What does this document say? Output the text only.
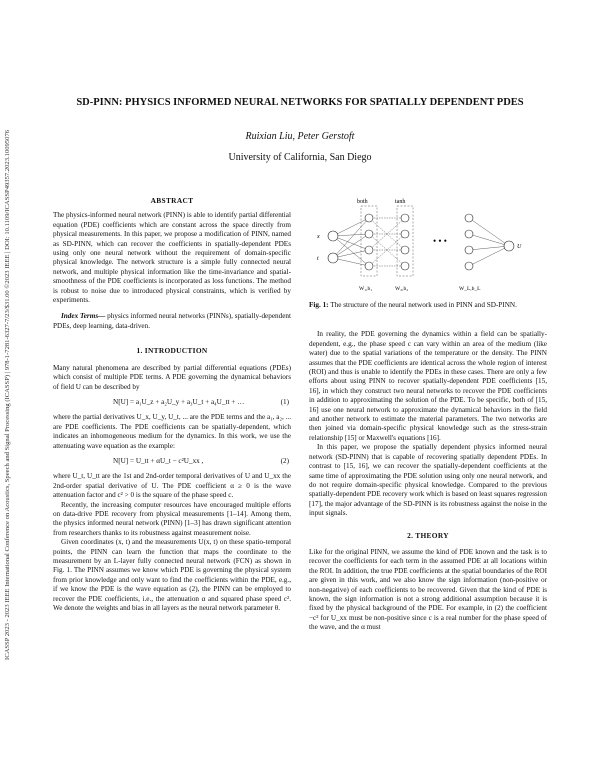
ICASSP 2023 - 2023 IEEE International Conference on Acoustics, Speech and Signal Processing (ICASSP) | 978-1-7281-6327-7/23/$31.00 ©2023 IEEE | DOI: 10.1109/ICASSP49357.2023.10095076
SD-PINN: PHYSICS INFORMED NEURAL NETWORKS FOR SPATIALLY DEPENDENT PDES
Ruixian Liu, Peter Gerstoft
University of California, San Diego
ABSTRACT

The physics-informed neural network (PINN) is able to identify partial differential equation (PDE) coefficients which are constant across the space directly from physical measurements. In this paper, we propose a modification of PINN, named as SD-PINN, which can recover the coefficients in spatially-dependent PDEs using only one neural network without the requirement of domain-specific physical knowledge. The network structure is a simple fully connected neural network, and multiple physical information like the time-invariance and spatial-smoothness of the PDE coefficients is incorporated as loss functions. The method is robust to noise due to introduced physical constraints, which is verified by experiments.

Index Terms— physics informed neural networks (PINNs), spatially-dependent PDEs, deep learning, data-driven.

1. INTRODUCTION

Many natural phenomena are described by partial differential equations (PDEs) which consist of multiple PDE terms. A PDE governing the dynamical behaviors of field U can be described by

N[U] = a₁U_z + a₂U_y + a₃U_t + a₄U_tt + …	(1)

where the partial derivatives U_x, U_y, U_t, ... are the PDE terms and the a₁, a₂, ... are PDE coefficients. The PDE coefficients can be spatially-dependent, which indicates an inhomogeneous medium for the dynamics. In this work, we use the attenuating wave equation as the example:

N[U] = U_tt + αU_t − c²U_xx ,	(2)

where U_t, U_tt are the 1st and 2nd-order temporal derivatives of U and U_xx the 2nd-order spatial derivative of U. The PDE coefficient α ≥ 0 is the wave attenuation factor and c² > 0 is the square of the phase speed c.

Recently, the increasing computer resources have encouraged multiple efforts on data-drive PDE recovery from physical measurements [1–14]. Among them, the physics informed neural network (PINN) [1–3] has drawn significant attention from researchers thanks to its robustness against measurement noise.

Given coordinates (x, t) and the measurements U(x, t) on these spatio-temporal points, the PINN can learn the function that maps the coordinate to the measurement by an L-layer fully connected neural network (FCN) as shown in Fig. 1. The PINN assumes we know which PDE is governing the physical system from prior knowledge and only want to find the coefficients within the PDE, e.g., if we know the PDE is the wave equation as (2), the PINN can be employed to recover the PDE coefficients, i.e., the attenuation α and squared phase speed c². We denote the weights and bias in all layers as the neural network parameter θ.

• • •
both	tanh
x
t
U
W₁,b₁	W₂,b₂	W_L,b_L

Fig. 1: The structure of the neural network used in PINN and SD-PINN.

In reality, the PDE governing the dynamics within a field can be spatially-dependent, e.g., the phase speed c can vary within an area of the medium (like water) due to the spatial variations of the temperature or the density. The PINN assumes that the PDE coefficients are identical across the whole region of interest (ROI) and thus is unable to identify the PDEs in these cases. There are only a few efforts about using PINN to recover spatially-dependent PDE coefficients [15, 16], in which they construct two neural networks to recover the PDE coefficients in addition to approximating the solution of the PDE. To be specific, both of [15, 16] use one neural network to approximate the dynamical behaviors in the field and another network to estimate the material parameters. The two networks are then joined via domain-specific physical knowledge such as the stress-strain relationship [15] or Maxwell's equations [16].

In this paper, we propose the spatially dependent physics informed neural network (SD-PINN) that is capable of recovering spatially dependent PDEs. In contrast to [15, 16], we can recover the spatially-dependent coefficients at the same time of approximating the PDE solution using only one neural network, and do not require domain-specific physical knowledge. Compared to the previous spatially-dependent PDE recovery work which is based on least squares regression [17], the major advantage of the SD-PINN is its robustness against the noise in the input signals.

2. THEORY

Like for the original PINN, we assume the kind of PDE known and the task is to recover the coefficients for each term in the assumed PDE at all locations within the ROI. In addition, the true PDE coefficients at the spatial boundaries of the ROI are given in this work, and we also know the sign information (non-positive or non-negative) of each coefficients to be recovered. Given that the kind of PDE is known, the sign information is not a strong additional assumption because it is fixed by the physical background of the PDE. For example, in (2) the coefficient −c² for U_xx must be non-positive since c is a real number for the phase speed of the wave, and the α must
